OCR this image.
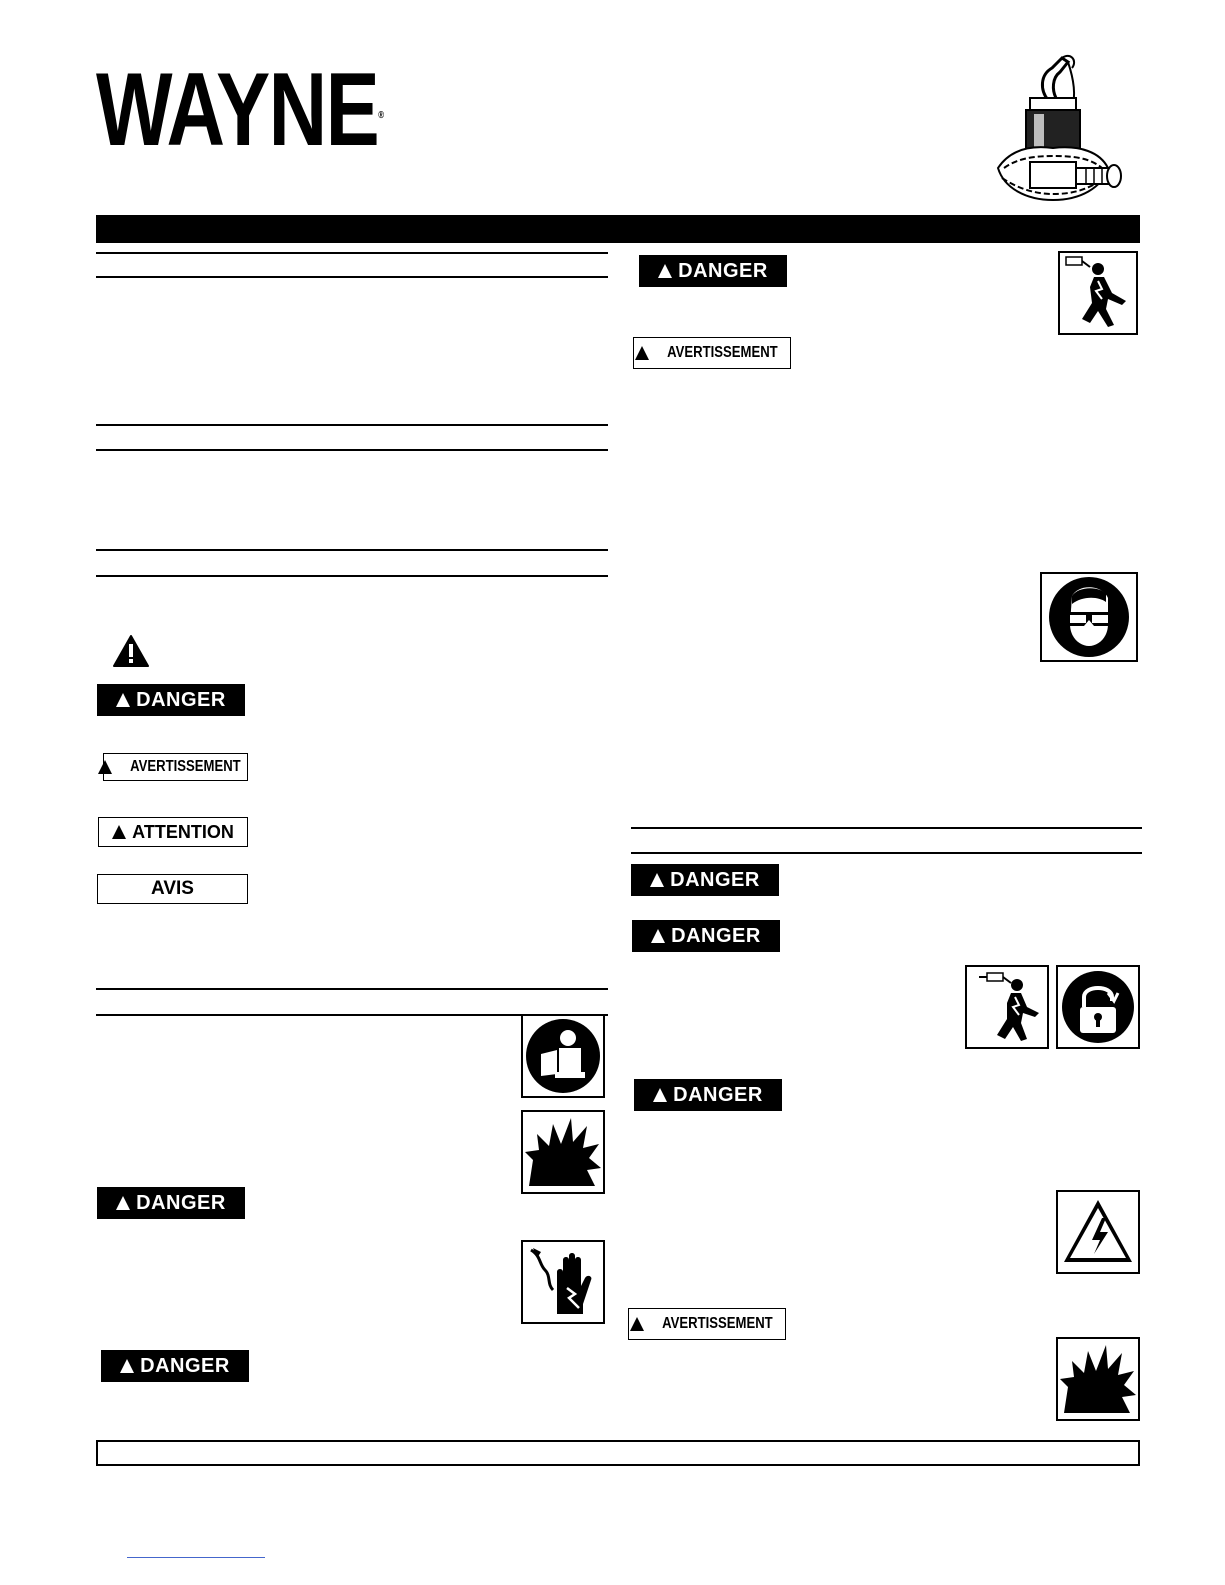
WAYNE®
DANGER
AVERTISSEMENT
ATTENTION
AVIS
DANGER
DANGER
DANGER
AVERTISSEMENT
DANGER
DANGER
DANGER
AVERTISSEMENT
